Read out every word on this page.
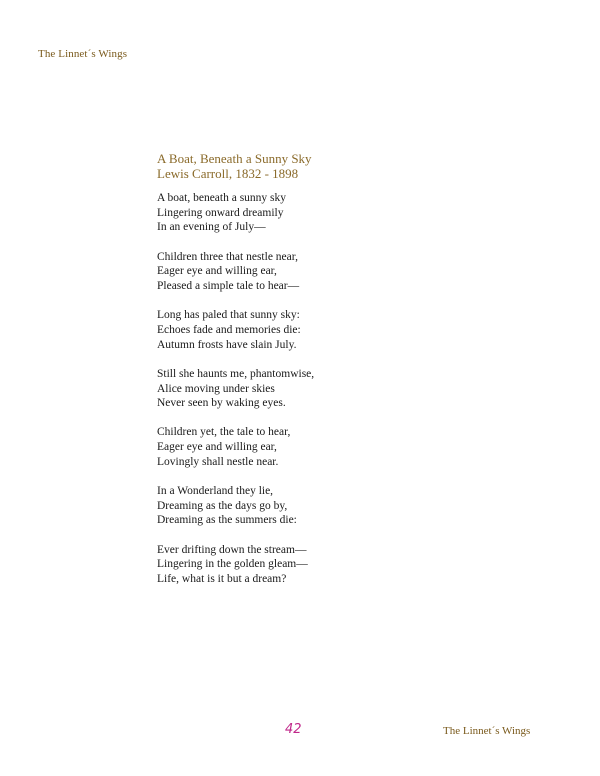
The Linnet´s Wings
A Boat, Beneath a Sunny Sky
Lewis Carroll, 1832 - 1898
A boat, beneath a sunny sky
Lingering onward dreamily
In an evening of July—
Children three that nestle near,
Eager eye and willing ear,
Pleased a simple tale to hear—
Long has paled that sunny sky:
Echoes fade and memories die:
Autumn frosts have slain July.
Still she haunts me, phantomwise,
Alice moving under skies
Never seen by waking eyes.
Children yet, the tale to hear,
Eager eye and willing ear,
Lovingly shall nestle near.
In a Wonderland they lie,
Dreaming as the days go by,
Dreaming as the summers die:
Ever drifting down the stream—
Lingering in the golden gleam—
Life, what is it but a dream?
42	The Linnet´s Wings
